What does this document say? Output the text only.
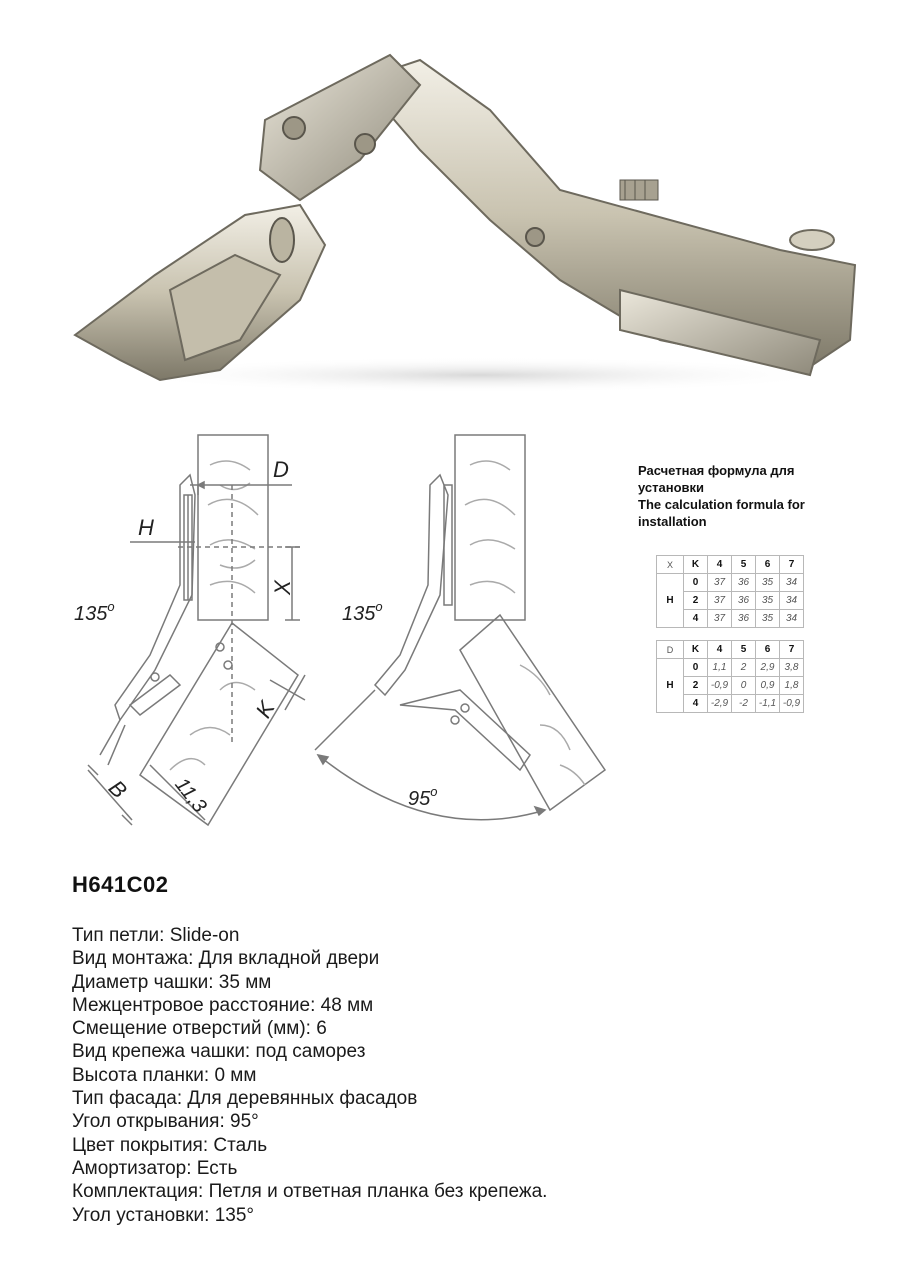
D
H
X
K
B 11,3
135$^o$	135$^o$
95$^o$
Расчетная формула для
установки
The calculation formula for
installation
X	K	4	5	6	7
H	0	37	36	35	34
	2	37	36	35	34
	4	37	36	35	34
D	K	4	5	6	7
H	0	1,1	2	2,9	3,8
	2	-0,9	0	0,9	1,8
	4	-2,9	-2	-1,1	-0,9
H641C02
Тип петли: Slide-on
Вид монтажа: Для вкладной двери
Диаметр чашки: 35 мм
Межцентровое расстояние: 48 мм
Смещение отверстий (мм): 6
Вид крепежа чашки: под саморез
Высота планки: 0 мм
Тип фасада: Для деревянных фасадов
Угол открывания: 95°
Цвет покрытия: Сталь
Амортизатор: Есть
Комплектация: Петля и ответная планка без крепежа.
Угол установки: 135°
